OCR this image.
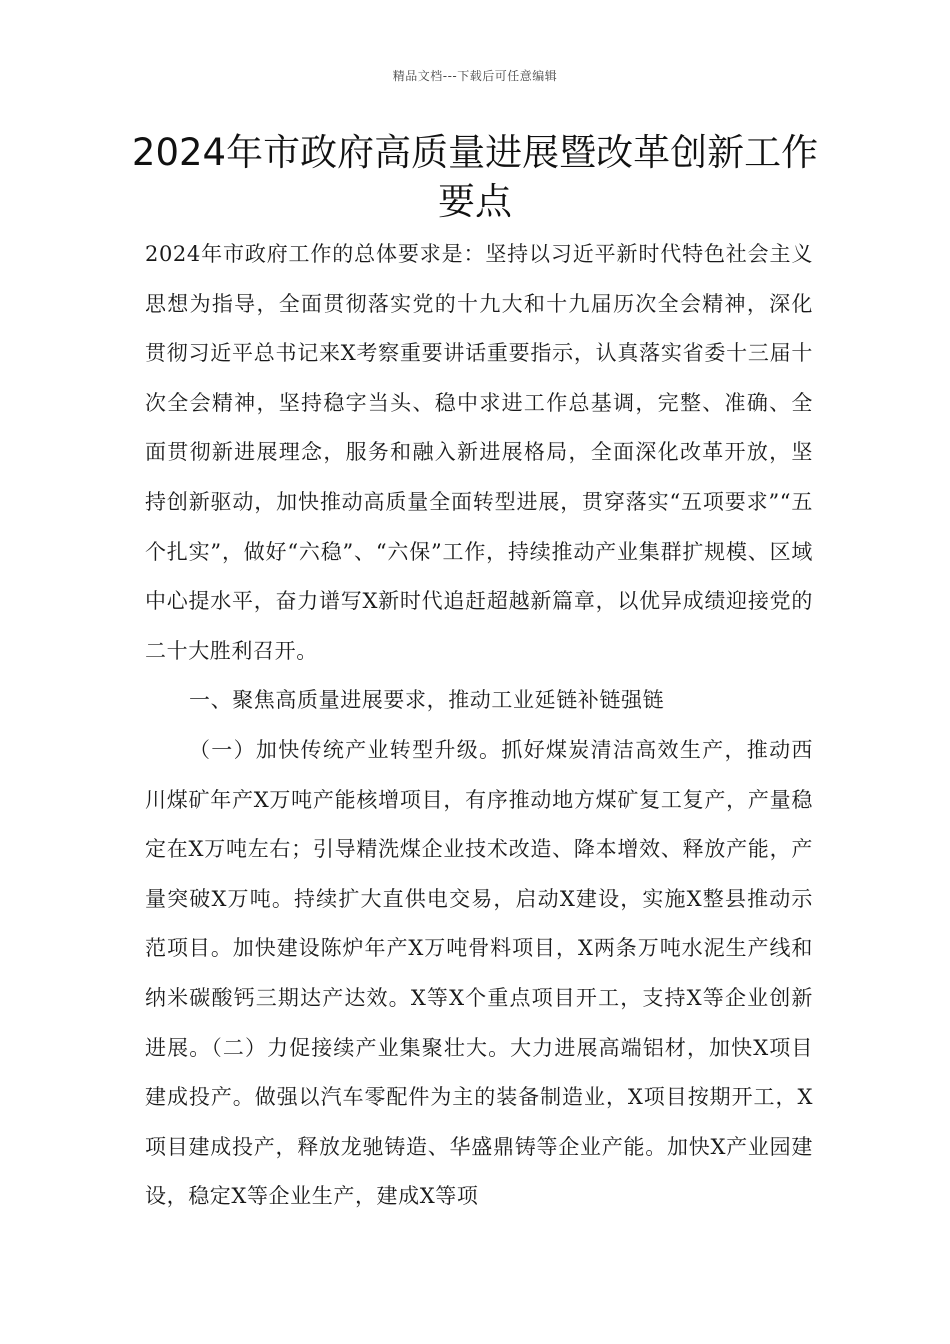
精品文档---下载后可任意编辑
2024年市政府高质量进展暨改革创新工作要点

2024年市政府工作的总体要求是：坚持以习近平新时代特色社会主义思想为指导，全面贯彻落实党的十九大和十九届历次全会精神，深化贯彻习近平总书记来X考察重要讲话重要指示，认真落实省委十三届十次全会精神，坚持稳字当头、稳中求进工作总基调，完整、准确、全面贯彻新进展理念，服务和融入新进展格局，全面深化改革开放，坚持创新驱动，加快推动高质量全面转型进展，贯穿落实“五项要求”“五个扎实”，做好“六稳”、“六保”工作，持续推动产业集群扩规模、区域中心提水平，奋力谱写X新时代追赶超越新篇章，以优异成绩迎接党的二十大胜利召开。

一、聚焦高质量进展要求，推动工业延链补链强链

（一）加快传统产业转型升级。抓好煤炭清洁高效生产，推动西川煤矿年产X万吨产能核增项目，有序推动地方煤矿复工复产，产量稳定在X万吨左右；引导精洗煤企业技术改造、降本增效、释放产能，产量突破X万吨。持续扩大直供电交易，启动X建设，实施X整县推动示范项目。加快建设陈炉年产X万吨骨料项目，X两条万吨水泥生产线和纳米碳酸钙三期达产达效。X等X个重点项目开工，支持X等企业创新进展。（二）力促接续产业集聚壮大。大力进展高端铝材，加快X项目建成投产。做强以汽车零配件为主的装备制造业，X项目按期开工，X项目建成投产，释放龙驰铸造、华盛鼎铸等企业产能。加快X产业园建设，稳定X等企业生产，建成X等项
